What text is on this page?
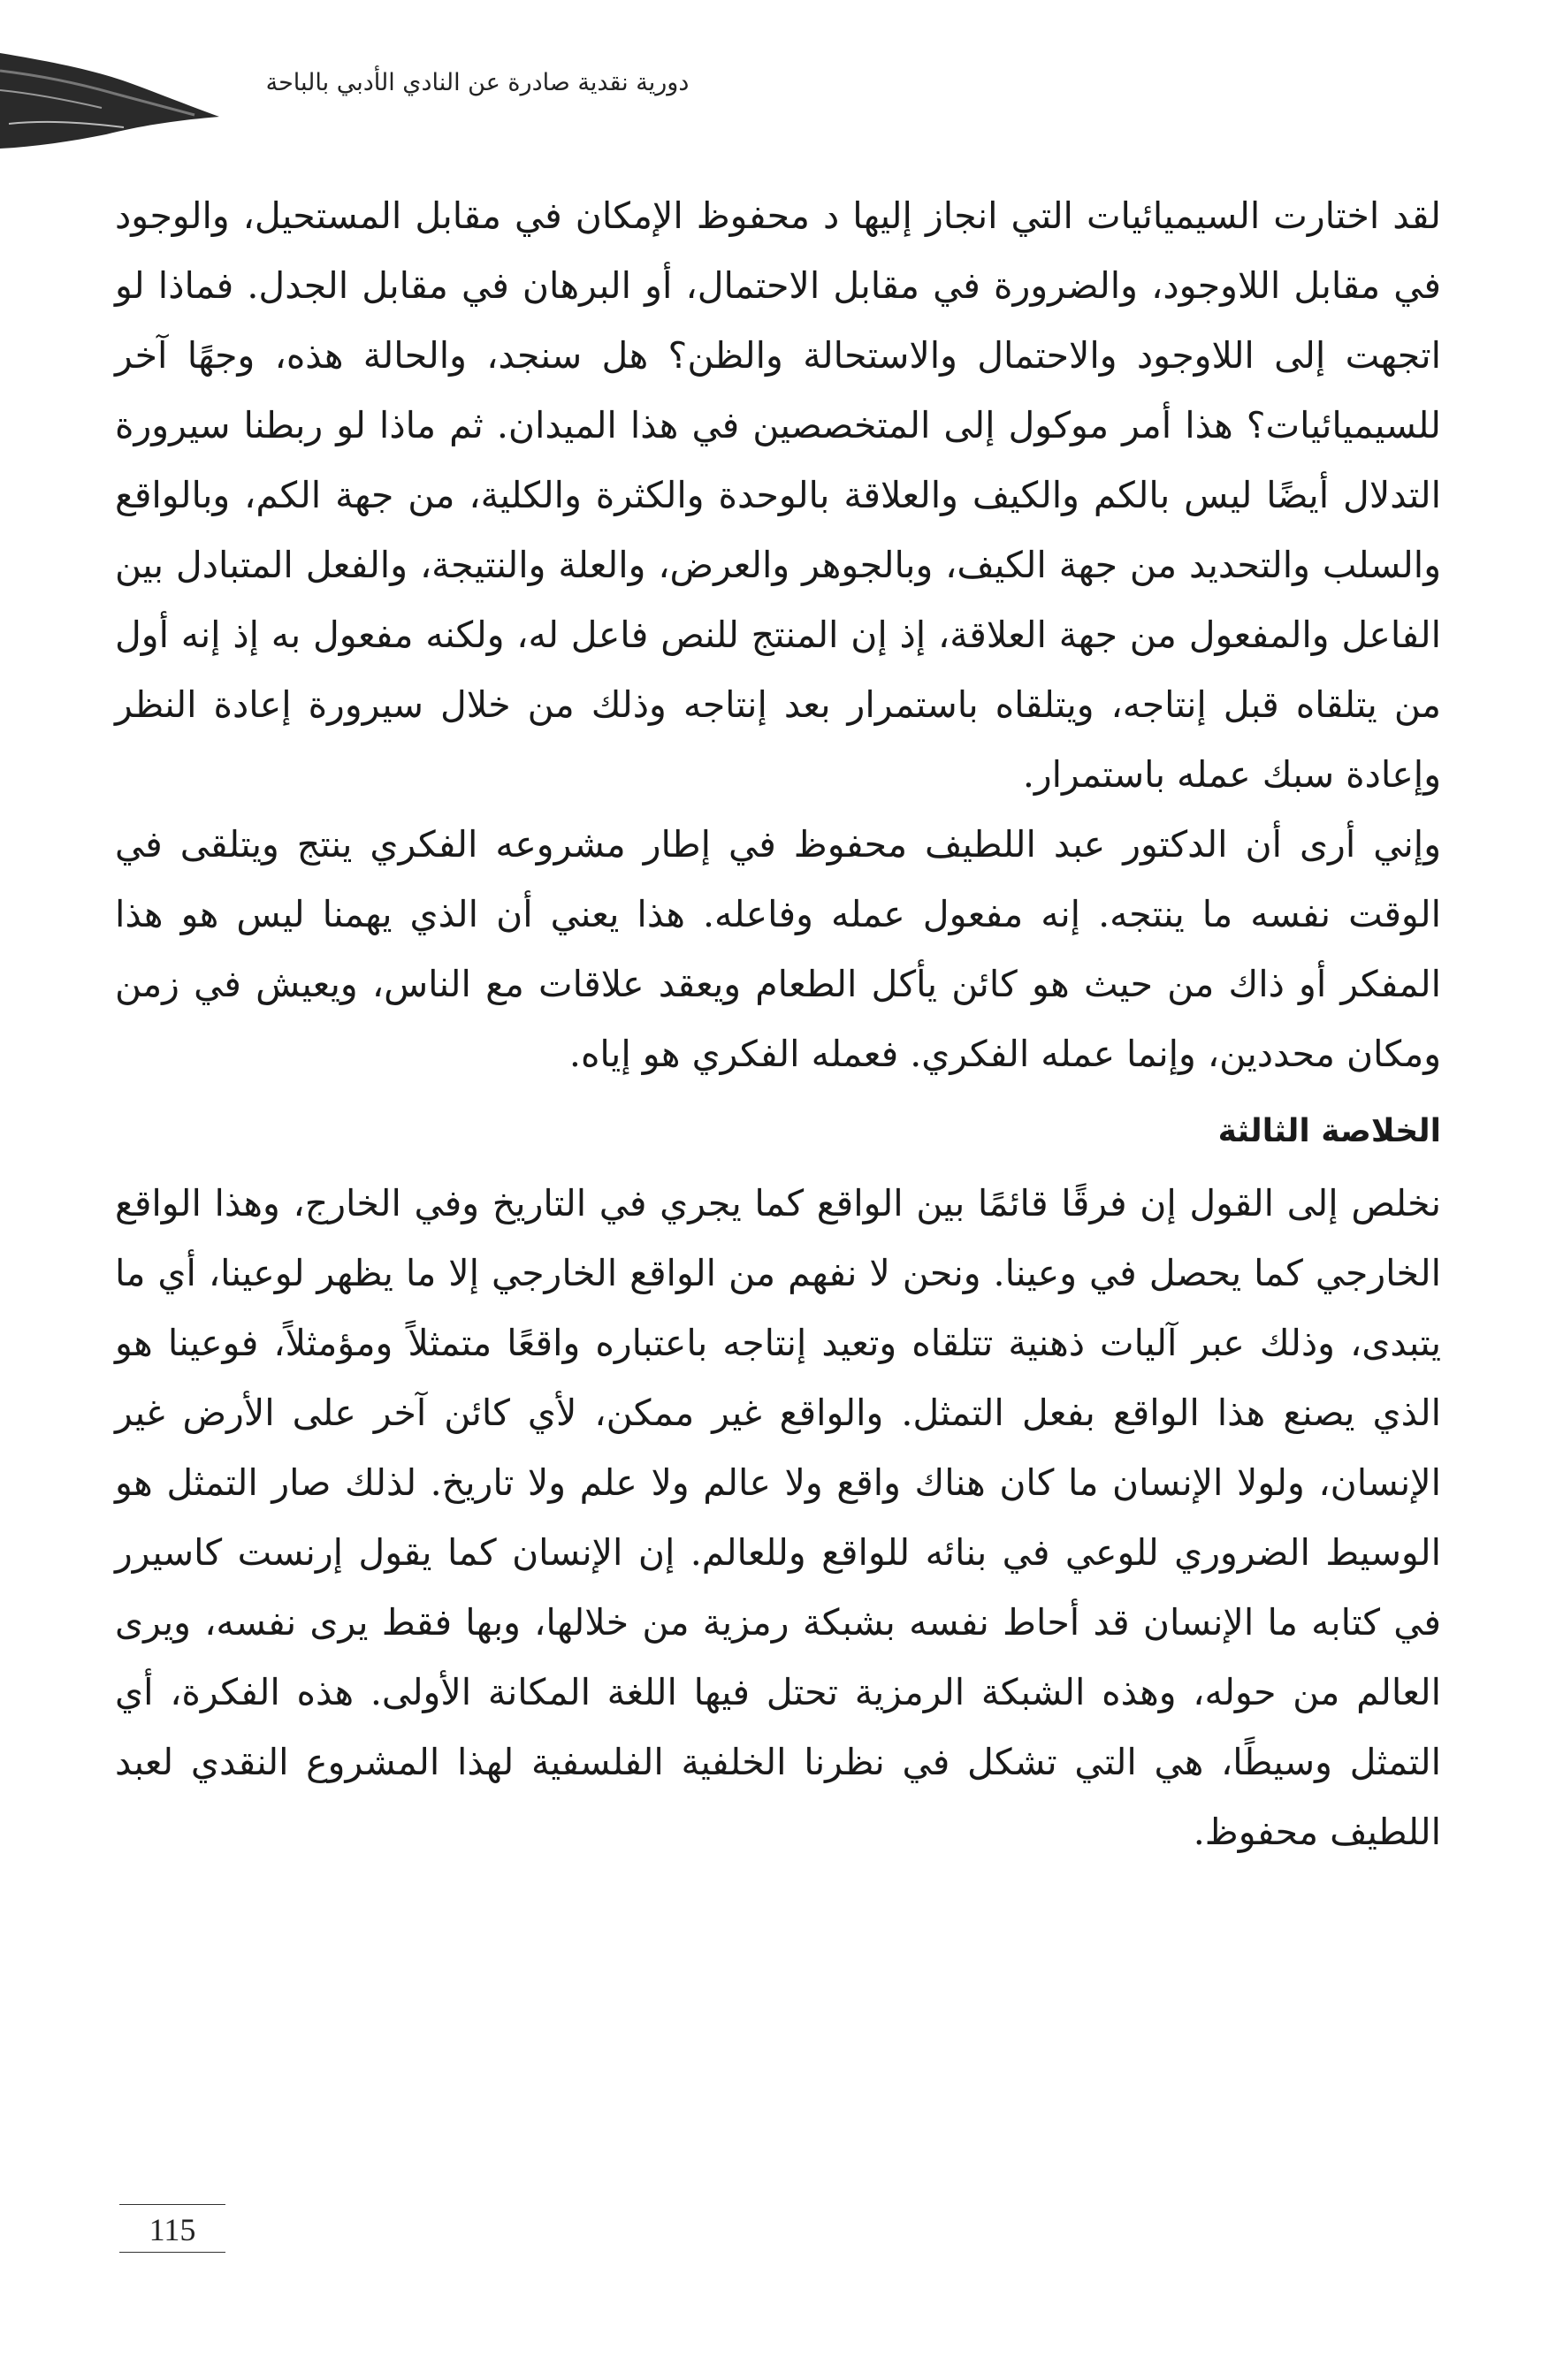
دورية نقدية صادرة عن النادي الأدبي بالباحة

لقد اختارت السيميائيات التي انجاز إليها د محفوظ الإمكان في مقابل المستحيل، والوجود في مقابل اللاوجود، والضرورة في مقابل الاحتمال، أو البرهان في مقابل الجدل. فماذا لو اتجهت إلى اللاوجود والاحتمال والاستحالة والظن؟ هل سنجد، والحالة هذه، وجهًا آخر للسيميائيات؟ هذا أمر موكول إلى المتخصصين في هذا الميدان. ثم ماذا لو ربطنا سيرورة التدلال أيضًا ليس بالكم والكيف والعلاقة بالوحدة والكثرة والكلية، من جهة الكم، وبالواقع والسلب والتحديد من جهة الكيف، وبالجوهر والعرض، والعلة والنتيجة، والفعل المتبادل بين الفاعل والمفعول من جهة العلاقة، إذ إن المنتج للنص فاعل له، ولكنه مفعول به إذ إنه أول من يتلقاه قبل إنتاجه، ويتلقاه باستمرار بعد إنتاجه وذلك من خلال سيرورة إعادة النظر وإعادة سبك عمله باستمرار.

وإني أرى أن الدكتور عبد اللطيف محفوظ في إطار مشروعه الفكري ينتج ويتلقى في الوقت نفسه ما ينتجه. إنه مفعول عمله وفاعله. هذا يعني أن الذي يهمنا ليس هو هذا المفكر أو ذاك من حيث هو كائن يأكل الطعام ويعقد علاقات مع الناس، ويعيش في زمن ومكان محددين، وإنما عمله الفكري. فعمله الفكري هو إياه.

الخلاصة الثالثة

نخلص إلى القول إن فرقًا قائمًا بين الواقع كما يجري في التاريخ وفي الخارج، وهذا الواقع الخارجي كما يحصل في وعينا. ونحن لا نفهم من الواقع الخارجي إلا ما يظهر لوعينا، أي ما يتبدى، وذلك عبر آليات ذهنية تتلقاه وتعيد إنتاجه باعتباره واقعًا متمثلاً ومؤمثلاً، فوعينا هو الذي يصنع هذا الواقع بفعل التمثل. والواقع غير ممكن، لأي كائن آخر على الأرض غير الإنسان، ولولا الإنسان ما كان هناك واقع ولا عالم ولا علم ولا تاريخ. لذلك صار التمثل هو الوسيط الضروري للوعي في بنائه للواقع وللعالم. إن الإنسان كما يقول إرنست كاسيرر في كتابه ما الإنسان قد أحاط نفسه بشبكة رمزية من خلالها، وبها فقط يرى نفسه، ويرى العالم من حوله، وهذه الشبكة الرمزية تحتل فيها اللغة المكانة الأولى. هذه الفكرة، أي التمثل وسيطًا، هي التي تشكل في نظرنا الخلفية الفلسفية لهذا المشروع النقدي لعبد اللطيف محفوظ.

115
